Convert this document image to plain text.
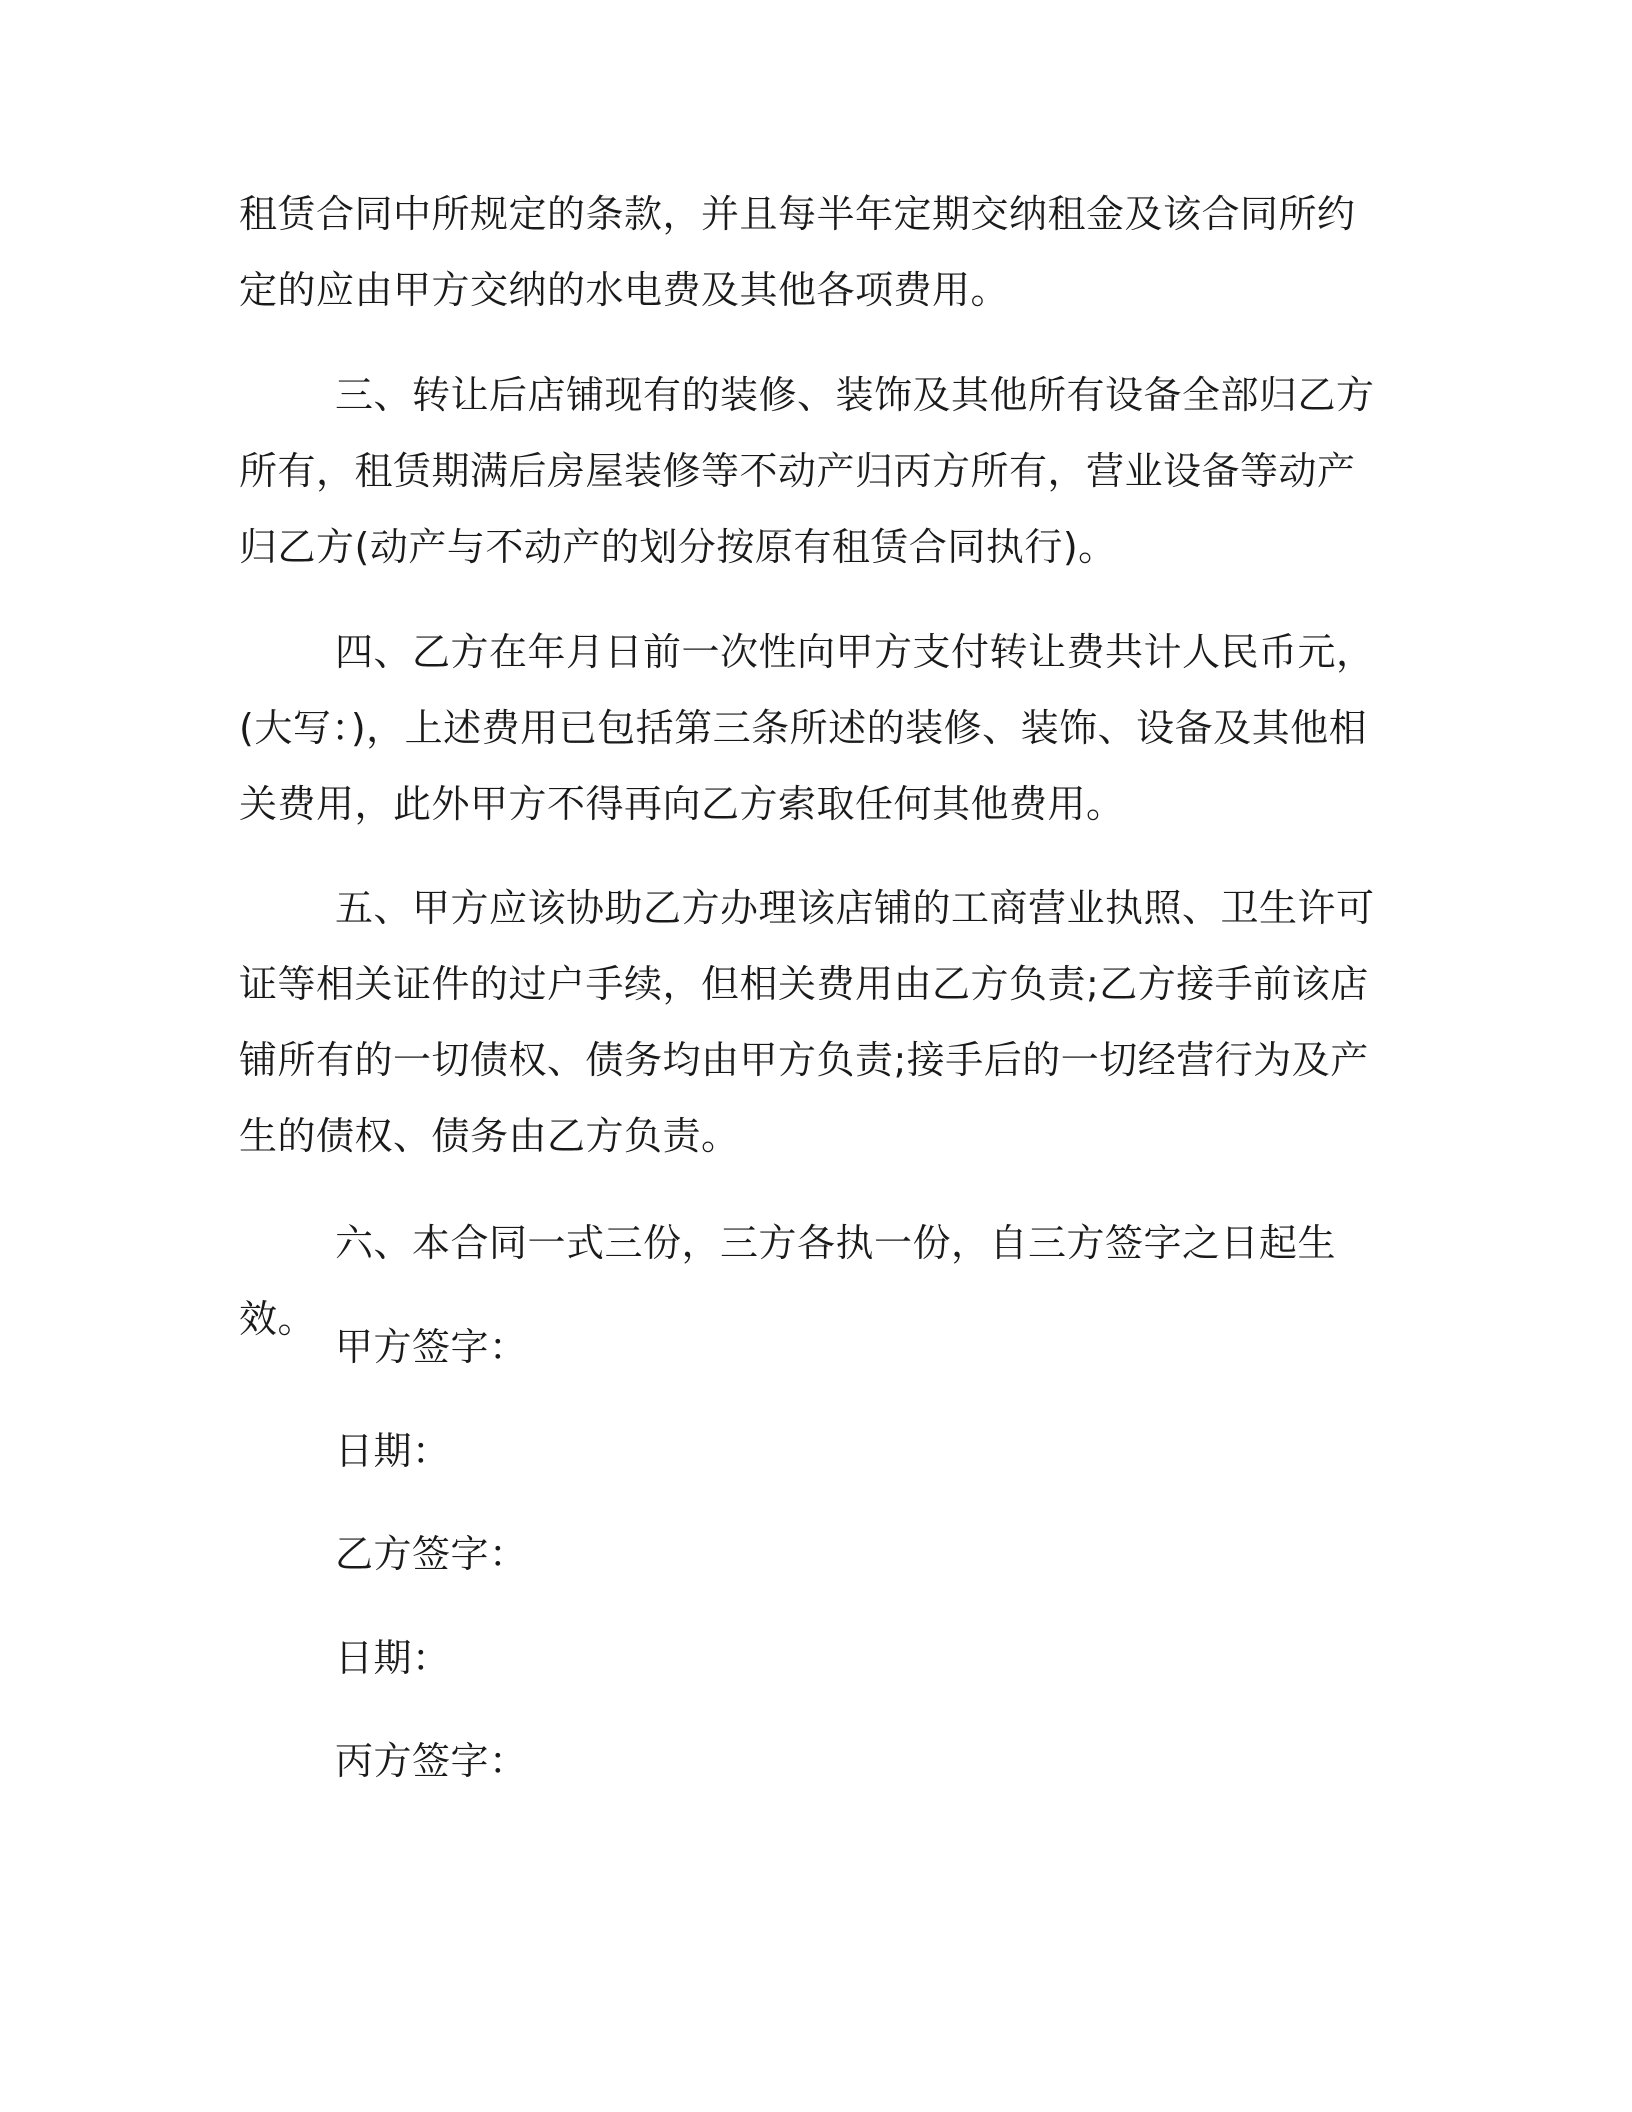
租赁合同中所规定的条款，并且每半年定期交纳租金及该合同所约定的应由甲方交纳的水电费及其他各项费用。

三、转让后店铺现有的装修、装饰及其他所有设备全部归乙方所有，租赁期满后房屋装修等不动产归丙方所有，营业设备等动产归乙方(动产与不动产的划分按原有租赁合同执行)。

四、乙方在年月日前一次性向甲方支付转让费共计人民币元，(大写：)，上述费用已包括第三条所述的装修、装饰、设备及其他相关费用，此外甲方不得再向乙方索取任何其他费用。

五、甲方应该协助乙方办理该店铺的工商营业执照、卫生许可证等相关证件的过户手续，但相关费用由乙方负责;乙方接手前该店铺所有的一切债权、债务均由甲方负责;接手后的一切经营行为及产生的债权、债务由乙方负责。

六、本合同一式三份，三方各执一份，自三方签字之日起生效。

甲方签字：

日期：

乙方签字：

日期：

丙方签字：
